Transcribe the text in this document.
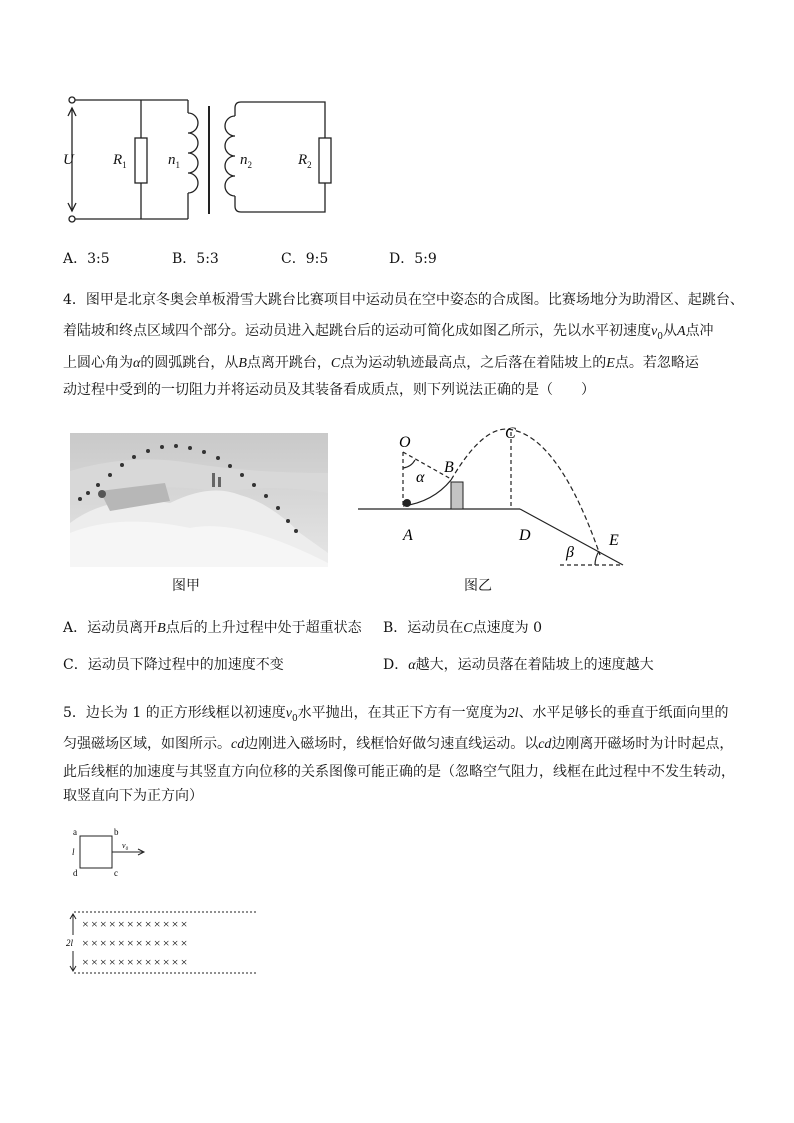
U	$R_1$	$n_1$	$n_2$	$R_2$
A．3:5	B．5:3	C．9:5	D．5:9
4．图甲是北京冬奥会单板滑雪大跳台比赛项目中运动员在空中姿态的合成图。比赛场地分为助滑区、起跳台、
着陆坡和终点区域四个部分。运动员进入起跳台后的运动可简化成如图乙所示，先以水平初速度$v_0$从A点冲
上圆心角为α的圆弧跳台，从B点离开跳台，C点为运动轨迹最高点，之后落在着陆坡上的E点。若忽略运
动过程中受到的一切阻力并将运动员及其装备看成质点，则下列说法正确的是（　　）
图甲
O
C
B
α
A	D
β
E
图乙
A．运动员离开B点后的上升过程中处于超重状态 B．运动员在C点速度为 0
C．运动员下降过程中的加速度不变	D．α越大，运动员落在着陆坡上的速度越大
5．边长为 1 的正方形线框以初速度$v_0$水平抛出，在其正下方有一宽度为2l、水平足够长的垂直于纸面向里的
匀强磁场区域，如图所示。cd边刚进入磁场时，线框恰好做匀速直线运动。以cd边刚离开磁场时为计时起点，
此后线框的加速度与其竖直方向位移的关系图像可能正确的是（忽略空气阻力，线框在此过程中不发生转动，
取竖直向下为正方向）
a	b
c
d
l
$v_0$
2l
××××××××××××
××××××××××××
××××××××××××
